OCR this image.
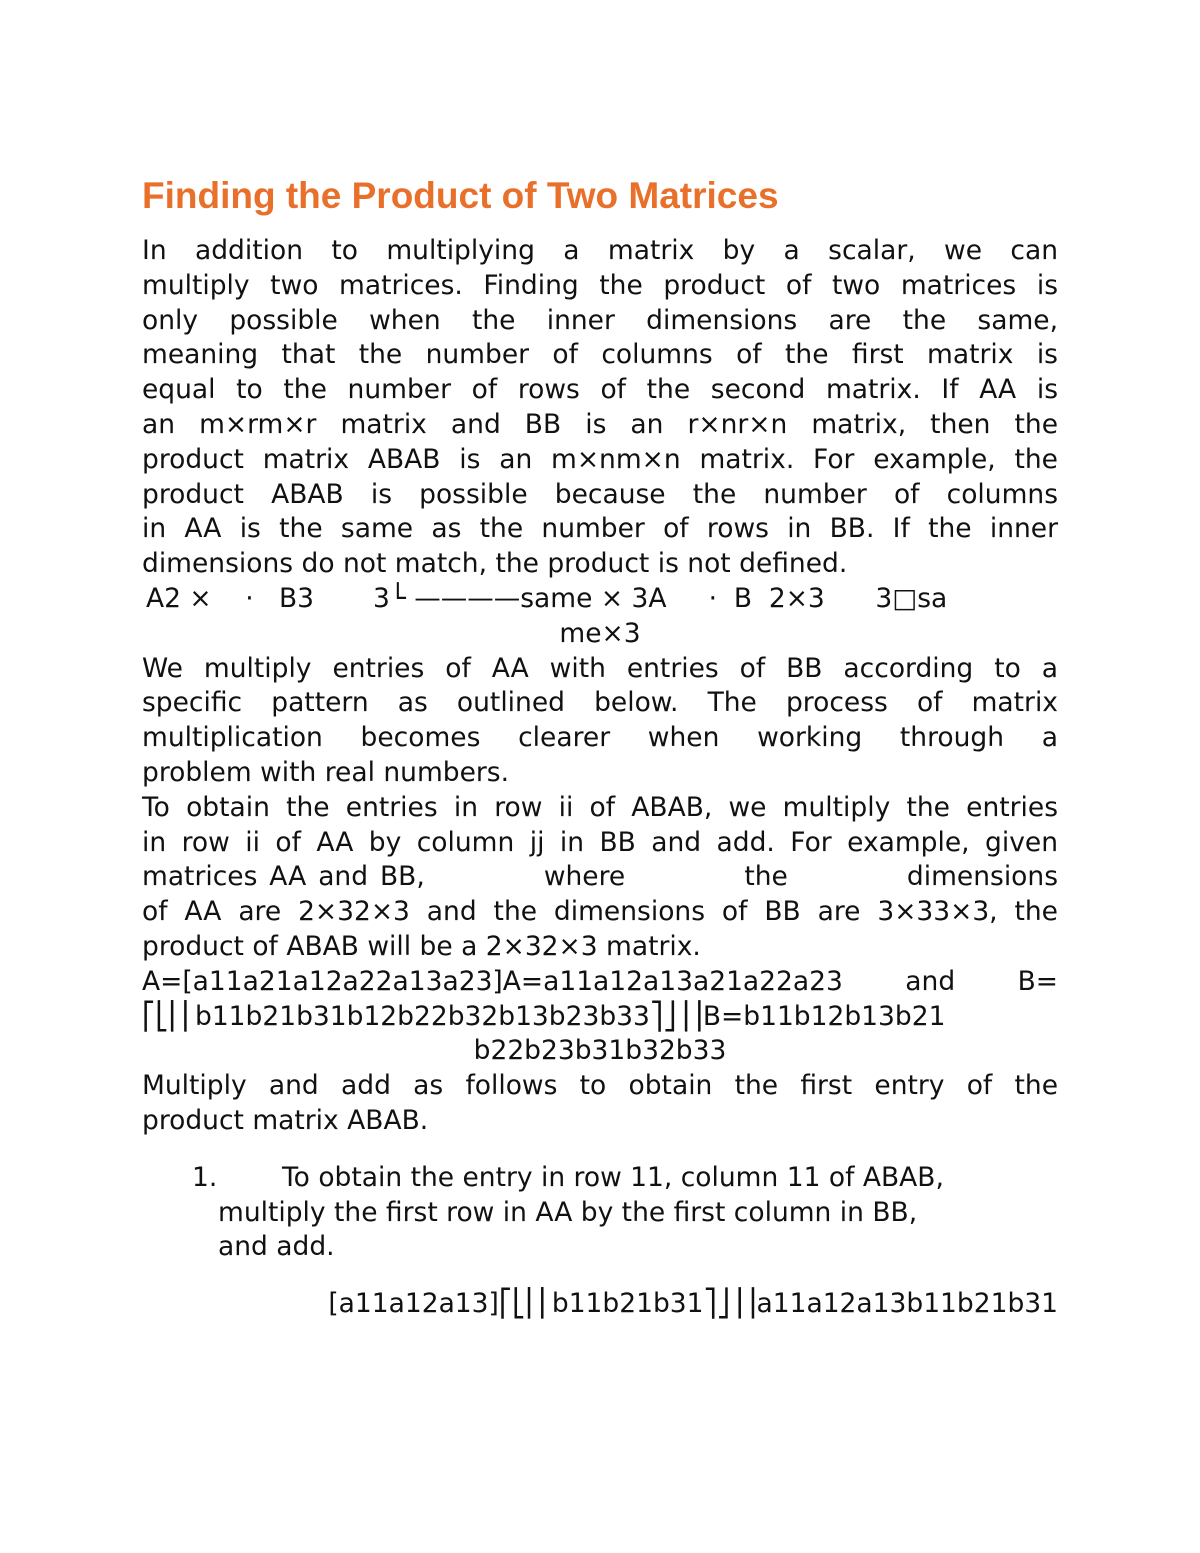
Finding the Product of Two Matrices
In addition to multiplying a matrix by a scalar, we can
multiply two matrices. Finding the product of two matrices is
only possible when the inner dimensions are the same,
meaning that the number of columns of the first matrix is
equal to the number of rows of the second matrix. If AA is
an m×rm×r matrix and BB is an r×nr×n matrix, then the
product matrix ABAB is an m×nm×n matrix. For example, the
product ABAB is possible because the number of columns
in AA is the same as the number of rows in BB. If the inner
dimensions do not match, the product is not defined.
A2 ×    ·   B3       3└ ————same × 3A     ·  B  2×3      3□sa
me×3
We multiply entries of AA with entries of BB according to a
specific pattern as outlined below. The process of matrix
multiplication becomes clearer when working through a
problem with real numbers.
To obtain the entries in row ii of ABAB, we multiply the entries
in row ii of AA by column jj in BB and add. For example, given
matrices AA and BB,          where          the          dimensions
of AA are 2×32×3 and the dimensions of BB are 3×33×3, the
product of ABAB will be a 2×32×3 matrix.
A=[a11a21a12a22a13a23]A=a11a12a13a21a22a23 and B=
⎡⎣⎢⎢b11b21b31b12b22b32b13b23b33⎤⎦⎥⎥B=b11b12b13b21
b22b23b31b32b33
Multiply and add as follows to obtain the first entry of the
product matrix ABAB.
1. To obtain the entry in row 11, column 11 of ABAB,
multiply the first row in AA by the first column in BB,
and add.
[a11a12a13]⎡⎣⎢⎢b11b21b31⎤⎦⎥⎥a11a12a13b11b21b31
